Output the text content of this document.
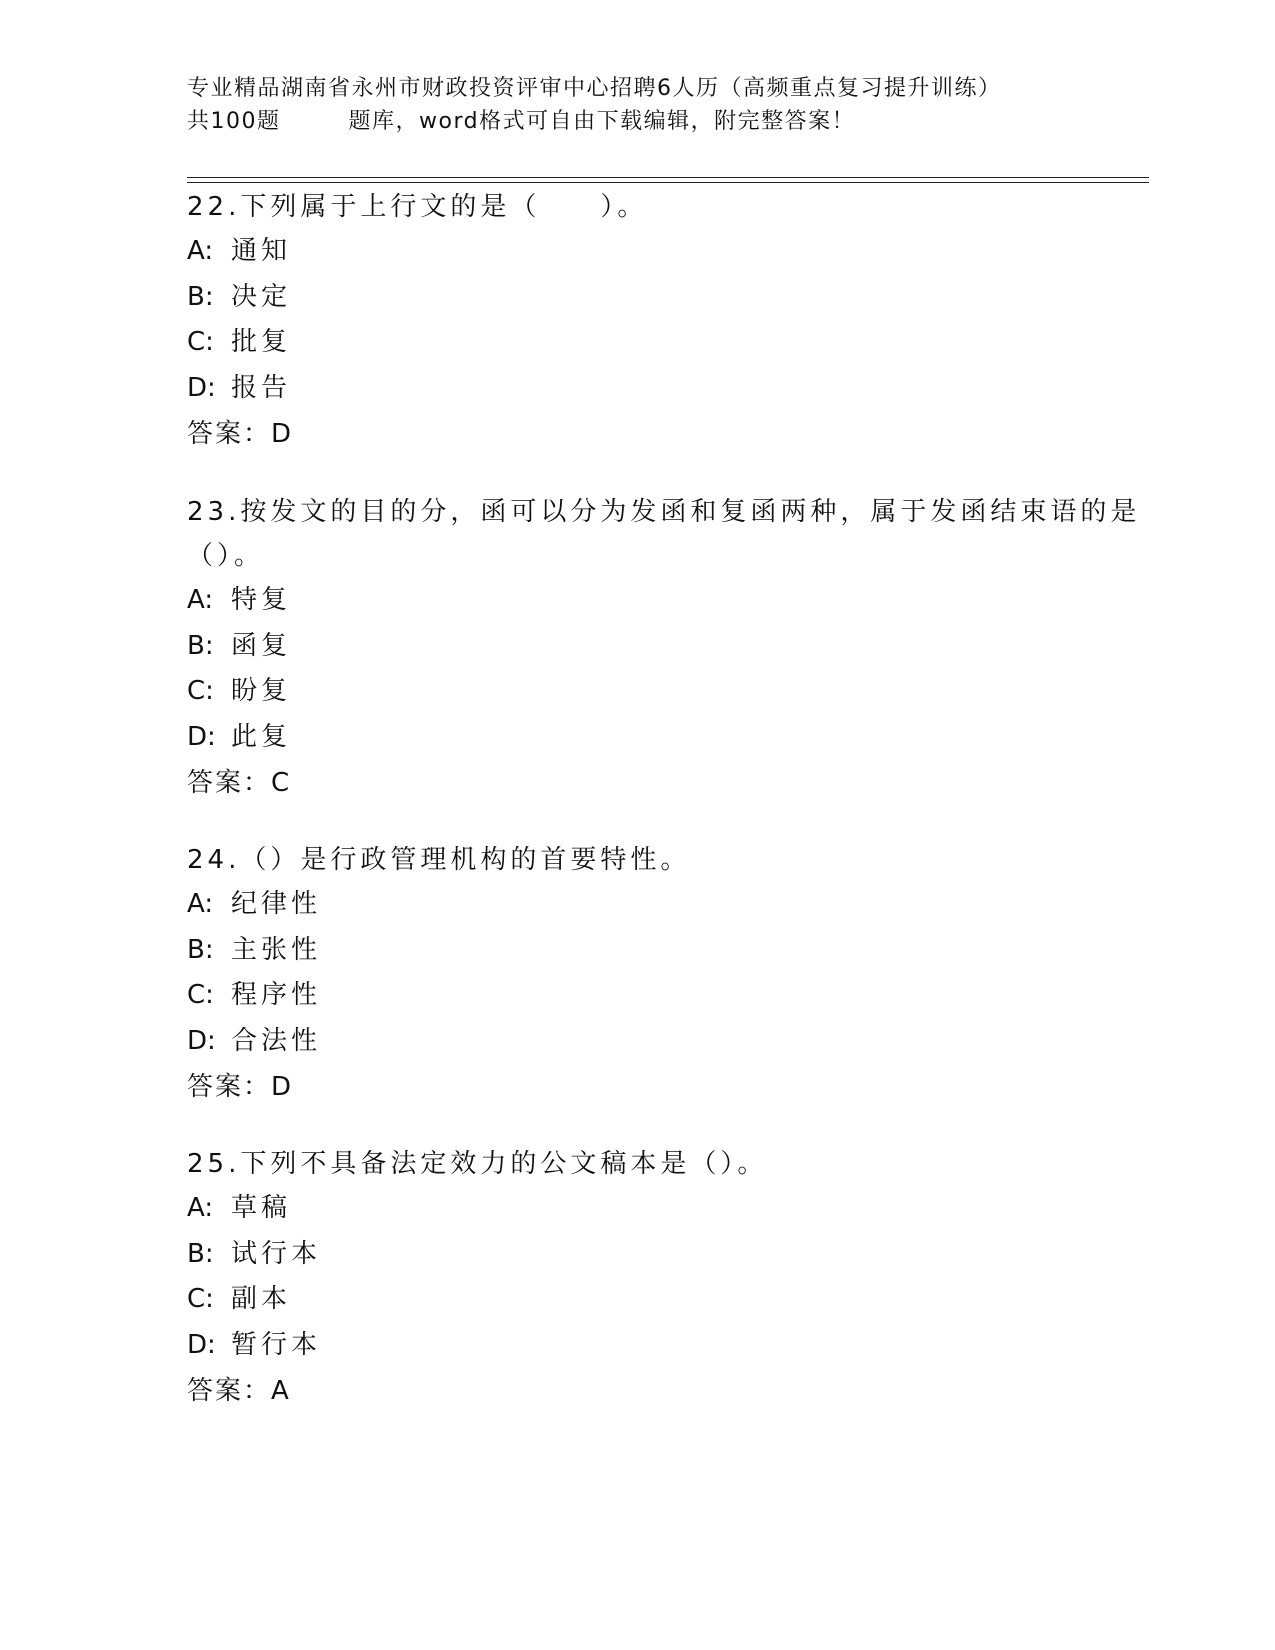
专业精品湖南省永州市财政投资评审中心招聘6人历（高频重点复习提升训练）
共100题	题库，word格式可自由下载编辑，附完整答案！

22.下列属于上行文的是（　　）。

A: 通知

B: 决定

C: 批复

D: 报告

答案：D

23.按发文的目的分，函可以分为发函和复函两种，属于发函结束语的是（）。

A: 特复

B: 函复

C: 盼复

D: 此复

答案：C

24.（）是行政管理机构的首要特性。

A: 纪律性

B: 主张性

C: 程序性

D: 合法性

答案：D

25.下列不具备法定效力的公文稿本是（）。

A: 草稿

B: 试行本

C: 副本

D: 暂行本

答案：A
